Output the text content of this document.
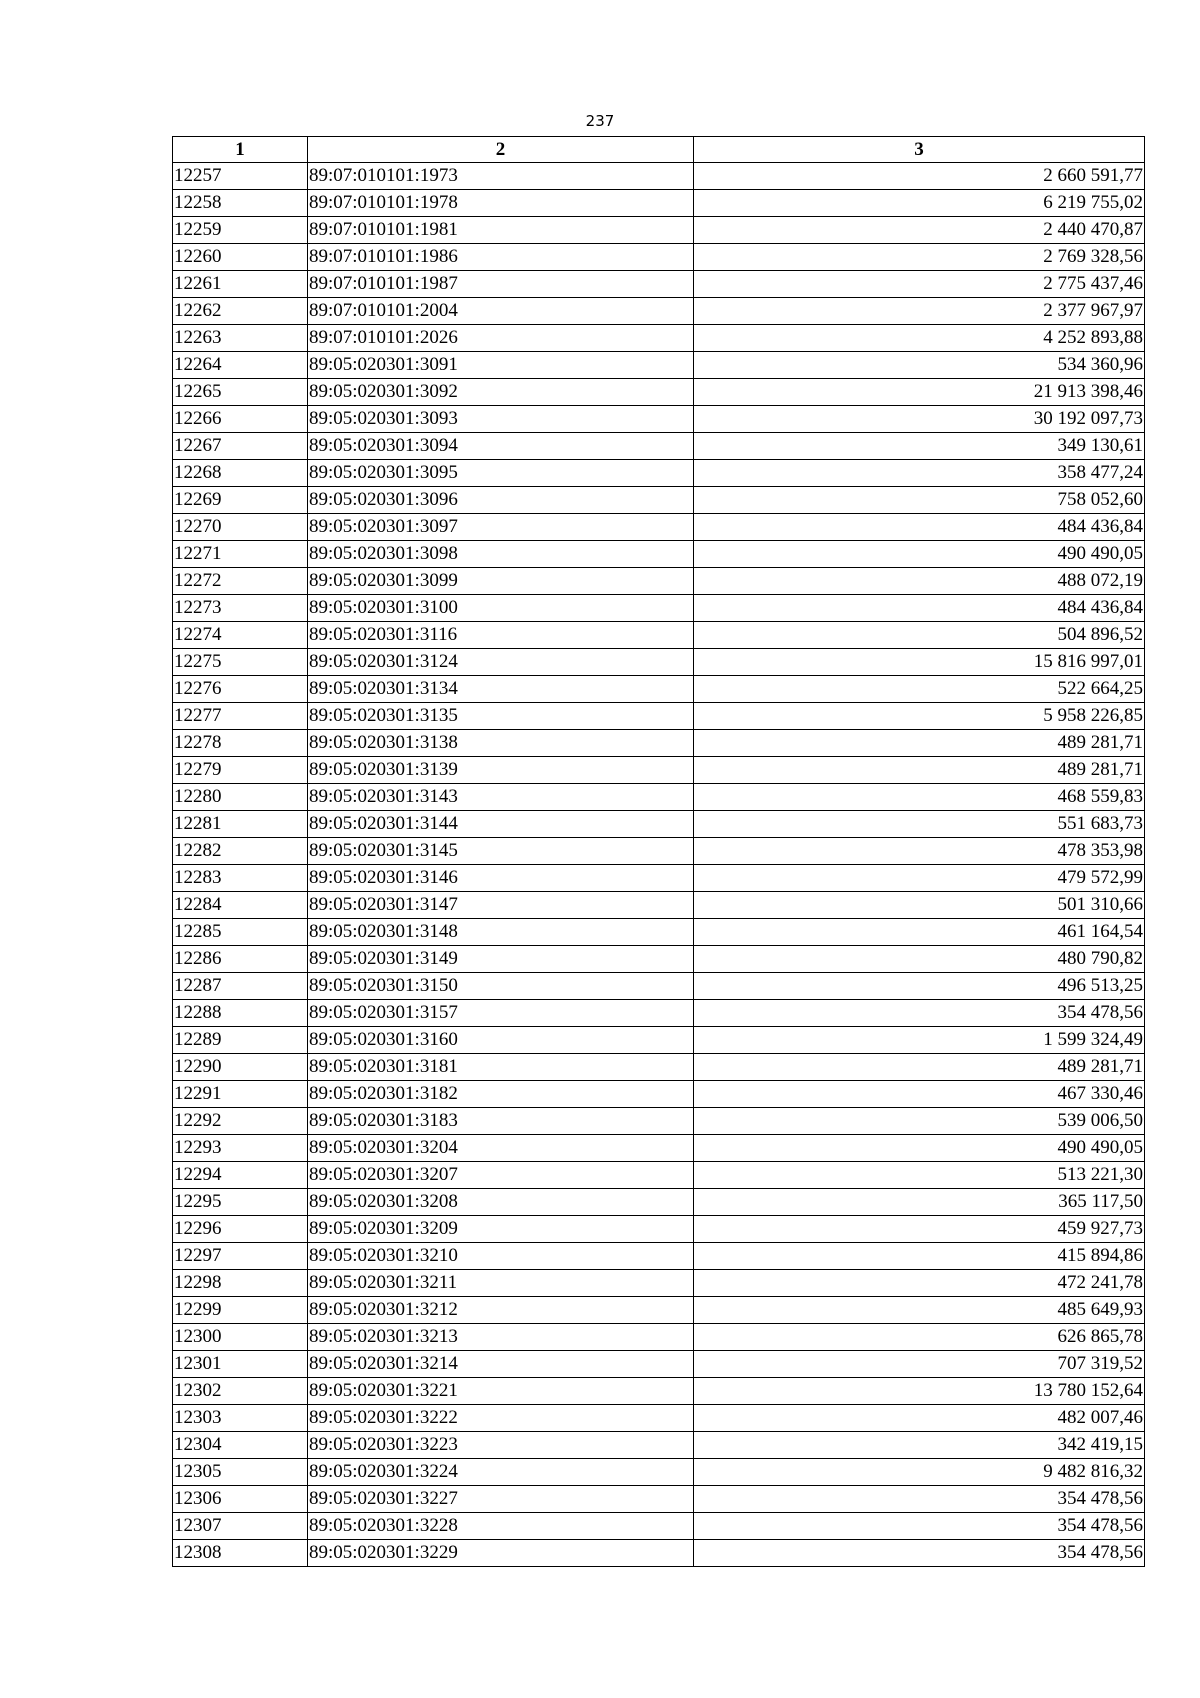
237
1	2	3
12257	89:07:010101:1973	2 660 591,77
12258	89:07:010101:1978	6 219 755,02
12259	89:07:010101:1981	2 440 470,87
12260	89:07:010101:1986	2 769 328,56
12261	89:07:010101:1987	2 775 437,46
12262	89:07:010101:2004	2 377 967,97
12263	89:07:010101:2026	4 252 893,88
12264	89:05:020301:3091	534 360,96
12265	89:05:020301:3092	21 913 398,46
12266	89:05:020301:3093	30 192 097,73
12267	89:05:020301:3094	349 130,61
12268	89:05:020301:3095	358 477,24
12269	89:05:020301:3096	758 052,60
12270	89:05:020301:3097	484 436,84
12271	89:05:020301:3098	490 490,05
12272	89:05:020301:3099	488 072,19
12273	89:05:020301:3100	484 436,84
12274	89:05:020301:3116	504 896,52
12275	89:05:020301:3124	15 816 997,01
12276	89:05:020301:3134	522 664,25
12277	89:05:020301:3135	5 958 226,85
12278	89:05:020301:3138	489 281,71
12279	89:05:020301:3139	489 281,71
12280	89:05:020301:3143	468 559,83
12281	89:05:020301:3144	551 683,73
12282	89:05:020301:3145	478 353,98
12283	89:05:020301:3146	479 572,99
12284	89:05:020301:3147	501 310,66
12285	89:05:020301:3148	461 164,54
12286	89:05:020301:3149	480 790,82
12287	89:05:020301:3150	496 513,25
12288	89:05:020301:3157	354 478,56
12289	89:05:020301:3160	1 599 324,49
12290	89:05:020301:3181	489 281,71
12291	89:05:020301:3182	467 330,46
12292	89:05:020301:3183	539 006,50
12293	89:05:020301:3204	490 490,05
12294	89:05:020301:3207	513 221,30
12295	89:05:020301:3208	365 117,50
12296	89:05:020301:3209	459 927,73
12297	89:05:020301:3210	415 894,86
12298	89:05:020301:3211	472 241,78
12299	89:05:020301:3212	485 649,93
12300	89:05:020301:3213	626 865,78
12301	89:05:020301:3214	707 319,52
12302	89:05:020301:3221	13 780 152,64
12303	89:05:020301:3222	482 007,46
12304	89:05:020301:3223	342 419,15
12305	89:05:020301:3224	9 482 816,32
12306	89:05:020301:3227	354 478,56
12307	89:05:020301:3228	354 478,56
12308	89:05:020301:3229	354 478,56
